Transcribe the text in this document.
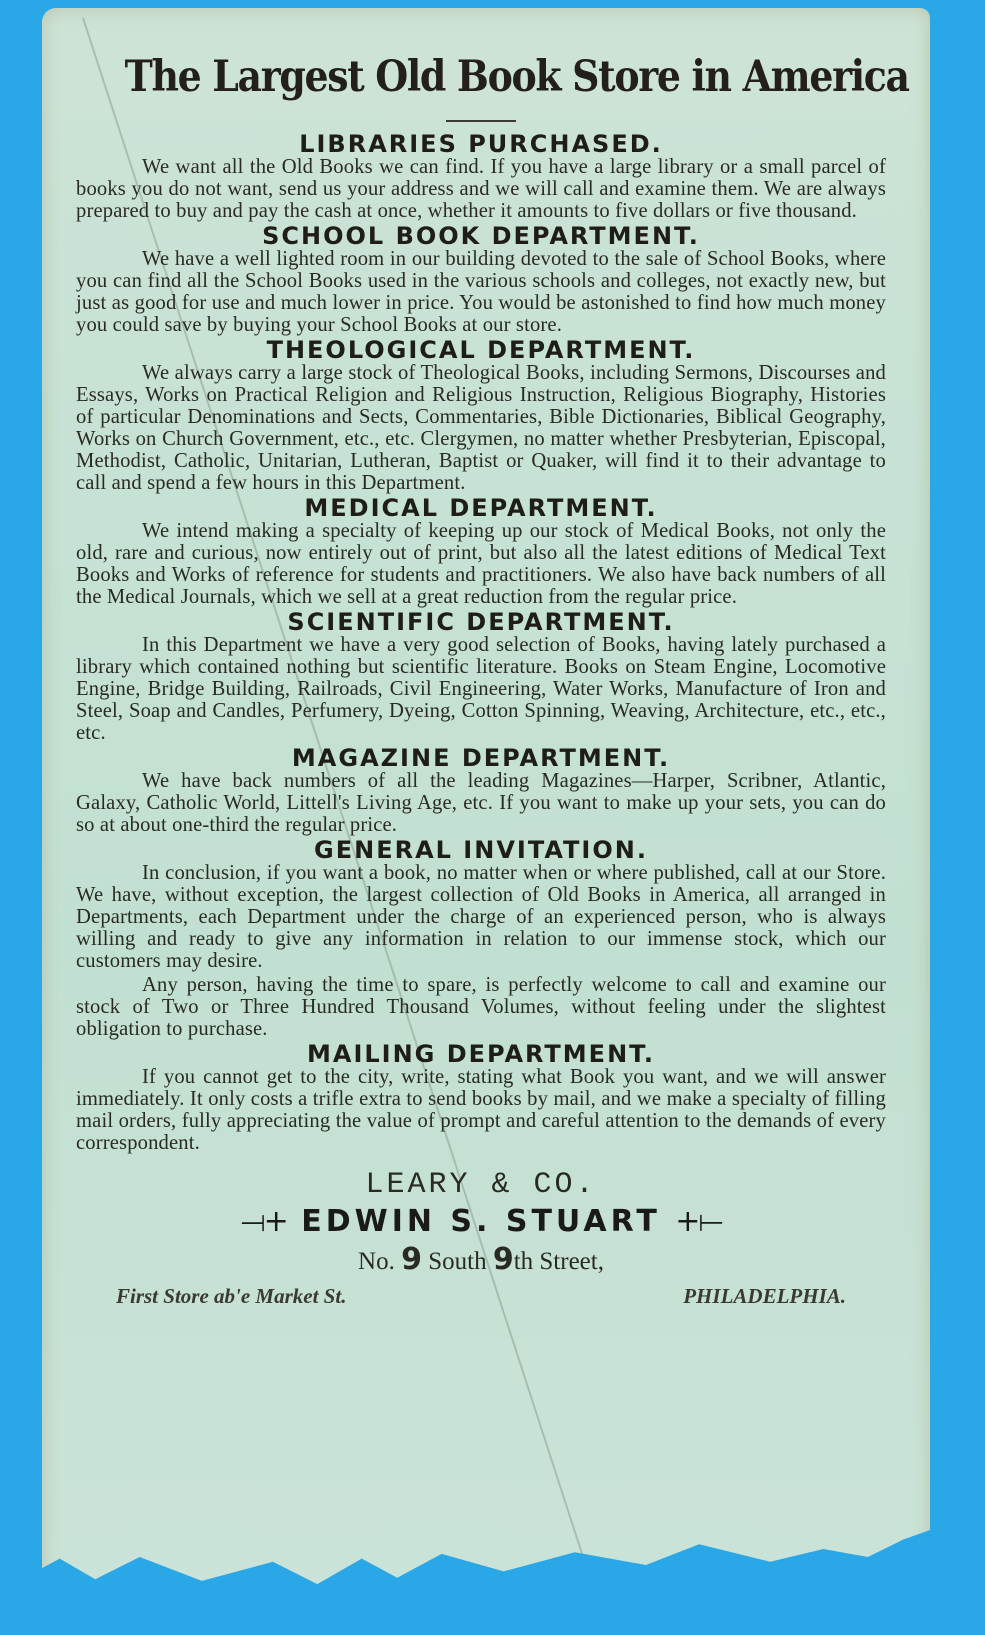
The Largest Old Book Store in America
LIBRARIES PURCHASED.

We want all the Old Books we can find. If you have a large library or a small parcel of books you do not want, send us your address and we will call and examine them. We are always prepared to buy and pay the cash at once, whether it amounts to five dollars or five thousand.

SCHOOL BOOK DEPARTMENT.

We have a well lighted room in our building devoted to the sale of School Books, where you can find all the School Books used in the various schools and colleges, not exactly new, but just as good for use and much lower in price. You would be astonished to find how much money you could save by buying your School Books at our store.

THEOLOGICAL DEPARTMENT.

We always carry a large stock of Theological Books, including Sermons, Discourses and Essays, Works on Practical Religion and Religious Instruction, Religious Biography, Histories of particular Denominations and Sects, Commentaries, Bible Dictionaries, Biblical Geography, Works on Church Government, etc., etc. Clergymen, no matter whether Presbyterian, Episcopal, Methodist, Catholic, Unitarian, Lutheran, Baptist or Quaker, will find it to their advantage to call and spend a few hours in this Department.

MEDICAL DEPARTMENT.

We intend making a specialty of keeping up our stock of Medical Books, not only the old, rare and curious, now entirely out of print, but also all the latest editions of Medical Text Books and Works of reference for students and practitioners. We also have back numbers of all the Medical Journals, which we sell at a great reduction from the regular price.

SCIENTIFIC DEPARTMENT.

In this Department we have a very good selection of Books, having lately purchased a library which contained nothing but scientific literature. Books on Steam Engine, Locomotive Engine, Bridge Building, Railroads, Civil Engineering, Water Works, Manufacture of Iron and Steel, Soap and Candles, Perfumery, Dyeing, Cotton Spinning, Weaving, Architecture, etc., etc., etc.

MAGAZINE DEPARTMENT.

We have back numbers of all the leading Magazines—Harper, Scribner, Atlantic, Galaxy, Catholic World, Littell's Living Age, etc. If you want to make up your sets, you can do so at about one-third the regular price.

GENERAL INVITATION.

In conclusion, if you want a book, no matter when or where published, call at our Store. We have, without exception, the largest collection of Old Books in America, all arranged in Departments, each Department under the charge of an experienced person, who is always willing and ready to give any information in relation to our immense stock, which our customers may desire.

Any person, having the time to spare, is perfectly welcome to call and examine our stock of Two or Three Hundred Thousand Volumes, without feeling under the slightest obligation to purchase.

MAILING DEPARTMENT.

If you cannot get to the city, write, stating what Book you want, and we will answer immediately. It only costs a trifle extra to send books by mail, and we make a specialty of filling mail orders, fully appreciating the value of prompt and careful attention to the demands of every correspondent.

LEARY & CO.
⟞+ EDWIN S. STUART +⟝
No. 9 South 9th Street,
First Store ab'e Market St.	PHILADELPHIA.
